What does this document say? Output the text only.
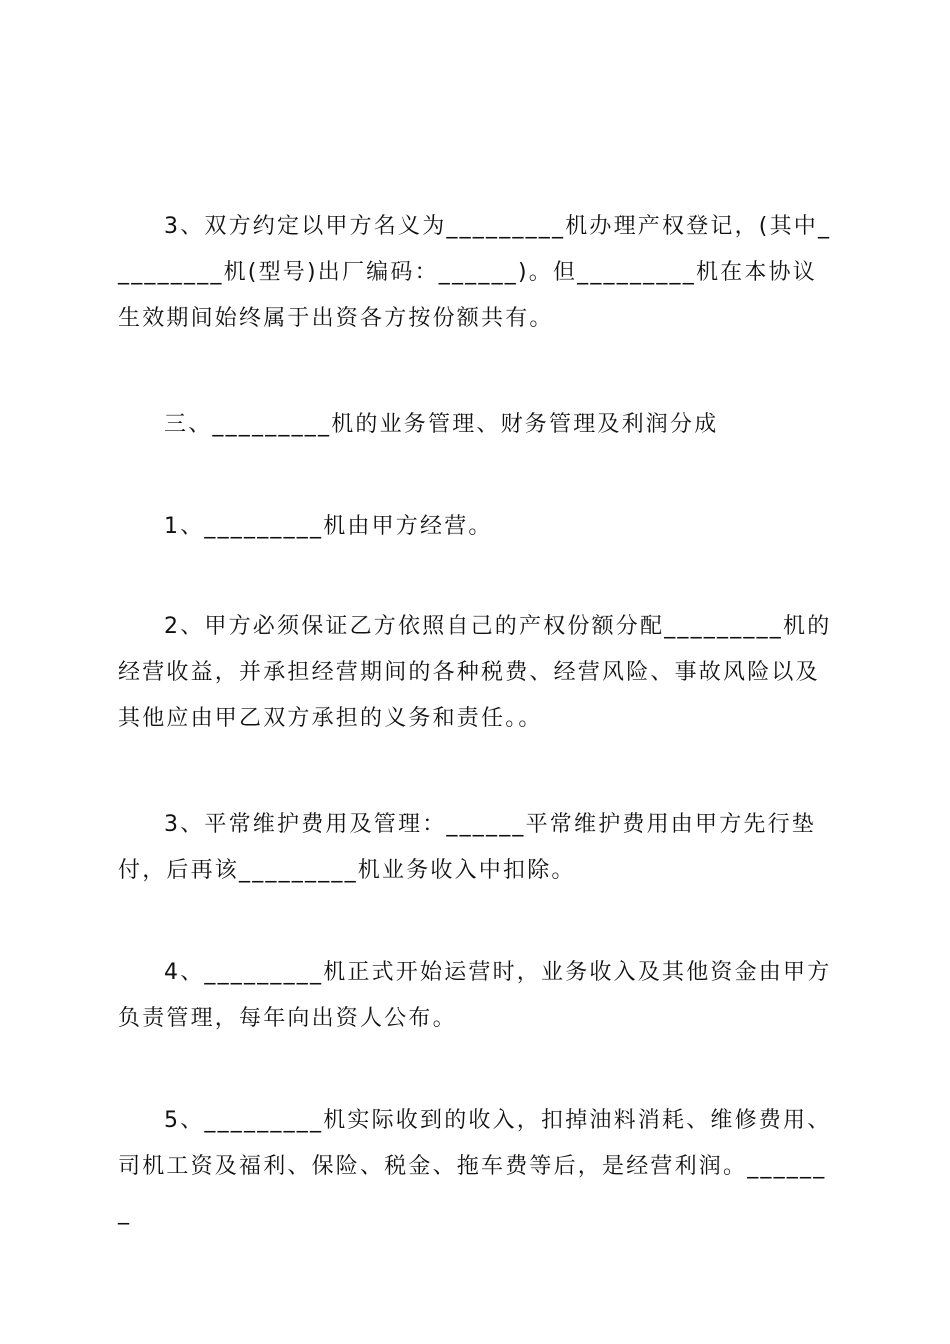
3、双方约定以甲方名义为_________机办理产权登记，(其中_________机(型号)出厂编码：______)。但_________机在本协议生效期间始终属于出资各方按份额共有。

三、_________机的业务管理、财务管理及利润分成

1、_________机由甲方经营。

2、甲方必须保证乙方依照自己的产权份额分配_________机的经营收益，并承担经营期间的各种税费、经营风险、事故风险以及其他应由甲乙双方承担的义务和责任。。

3、平常维护费用及管理：______平常维护费用由甲方先行垫付，后再该_________机业务收入中扣除。

4、_________机正式开始运营时，业务收入及其他资金由甲方负责管理，每年向出资人公布。

5、_________机实际收到的收入，扣掉油料消耗、维修费用、司机工资及福利、保险、税金、拖车费等后，是经营利润。_______
